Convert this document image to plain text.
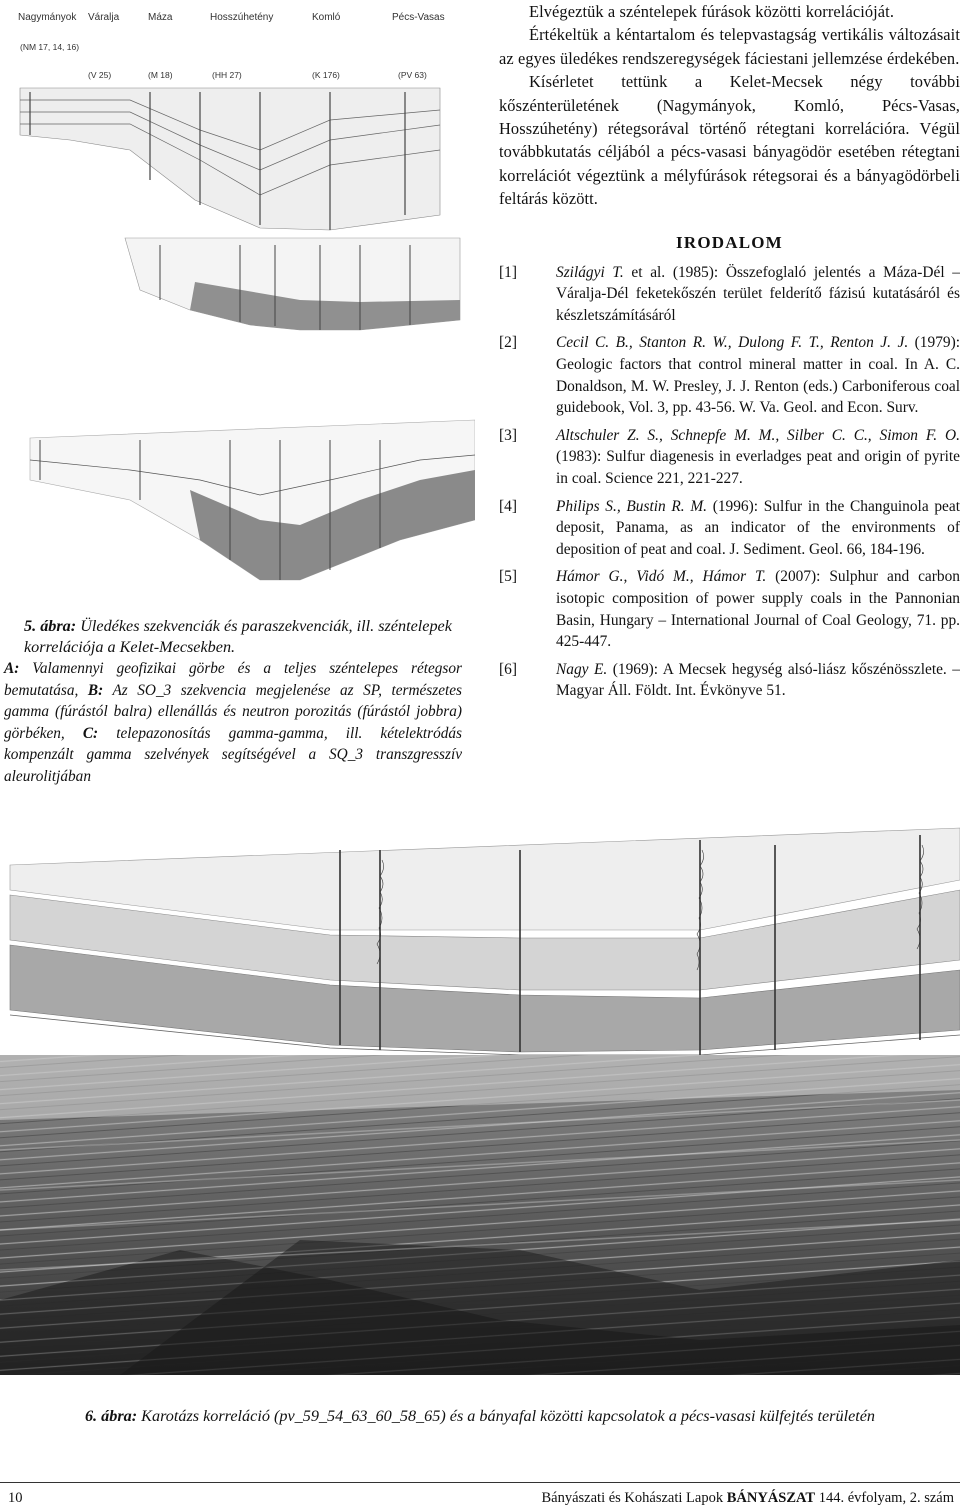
Nagymányok Váralja	Máza	Hosszúhetény	Komló	Pécs-Vasas
(NM 17, 14, 16)
(V 25)	(M 18)	(HH 27)	(K 176)	(PV 63)
5. ábra: Üledékes szekvenciák és paraszekvenciák, ill. széntelepek korrelációja a Kelet-Mecsekben.
A: Valamennyi geofizikai görbe és a teljes széntelepes rétegsor bemutatása, B: Az SO_3 szekvencia megjelenése az SP, természetes gamma (fúrástól balra) ellenállás és neutron porozitás (fúrástól jobbra) görbéken, C: telepazonosítás gamma-gamma, ill. kételektródás kompenzált gamma szelvények segítségével a SQ_3 transzgresszív aleurolitjában

Elvégeztük a széntelepek fúrások közötti korrelációját.

Értékeltük a kéntartalom és telepvastagság vertikális változásait az egyes üledékes rendszeregységek fáciestani jellemzése érdekében.

Kísérletet tettünk a Kelet-Mecsek négy további kőszénterületének (Nagymányok, Komló, Pécs-Vasas, Hosszúhetény) rétegsorával történő rétegtani korrelációra. Végül továbbkutatás céljából a pécs-vasasi bányagödör esetében rétegtani korrelációt végeztünk a mélyfúrások rétegsorai és a bányagödörbeli feltárás között.

IRODALOM
[1]	Szilágyi T. et al. (1985): Összefoglaló jelentés a Máza-Dél – Váralja-Dél feketekőszén terület felderítő fázisú kutatásáról és készletszámításáról
[2]	Cecil C. B., Stanton R. W., Dulong F. T., Renton J. J. (1979): Geologic factors that control mineral matter in coal. In A. C. Donaldson, M. W. Presley, J. J. Renton (eds.) Carboniferous coal guidebook, Vol. 3, pp. 43-56. W. Va. Geol. and Econ. Surv.
[3]	Altschuler Z. S., Schnepfe M. M., Silber C. C., Simon F. O. (1983): Sulfur diagenesis in everladges peat and origin of pyrite in coal. Science 221, 221-227.
[4]	Philips S., Bustin R. M. (1996): Sulfur in the Changuinola peat deposit, Panama, as an indicator of the environments of deposition of peat and coal. J. Sediment. Geol. 66, 184-196.
[5]	Hámor G., Vidó M., Hámor T. (2007): Sulphur and carbon isotopic composition of power supply coals in the Pannonian Basin, Hungary – International Journal of Coal Geology, 71. pp. 425-447.
[6]	Nagy E. (1969): A Mecsek hegység alsó-liász kőszénösszlete. – Magyar Áll. Földt. Int. Évkönyve 51.
6. ábra: Karotázs korreláció (pv_59_54_63_60_58_65) és a bányafal közötti kapcsolatok a pécs-vasasi külfejtés területén
10	Bányászati és Kohászati Lapok BÁNYÁSZAT 144. évfolyam, 2. szám
